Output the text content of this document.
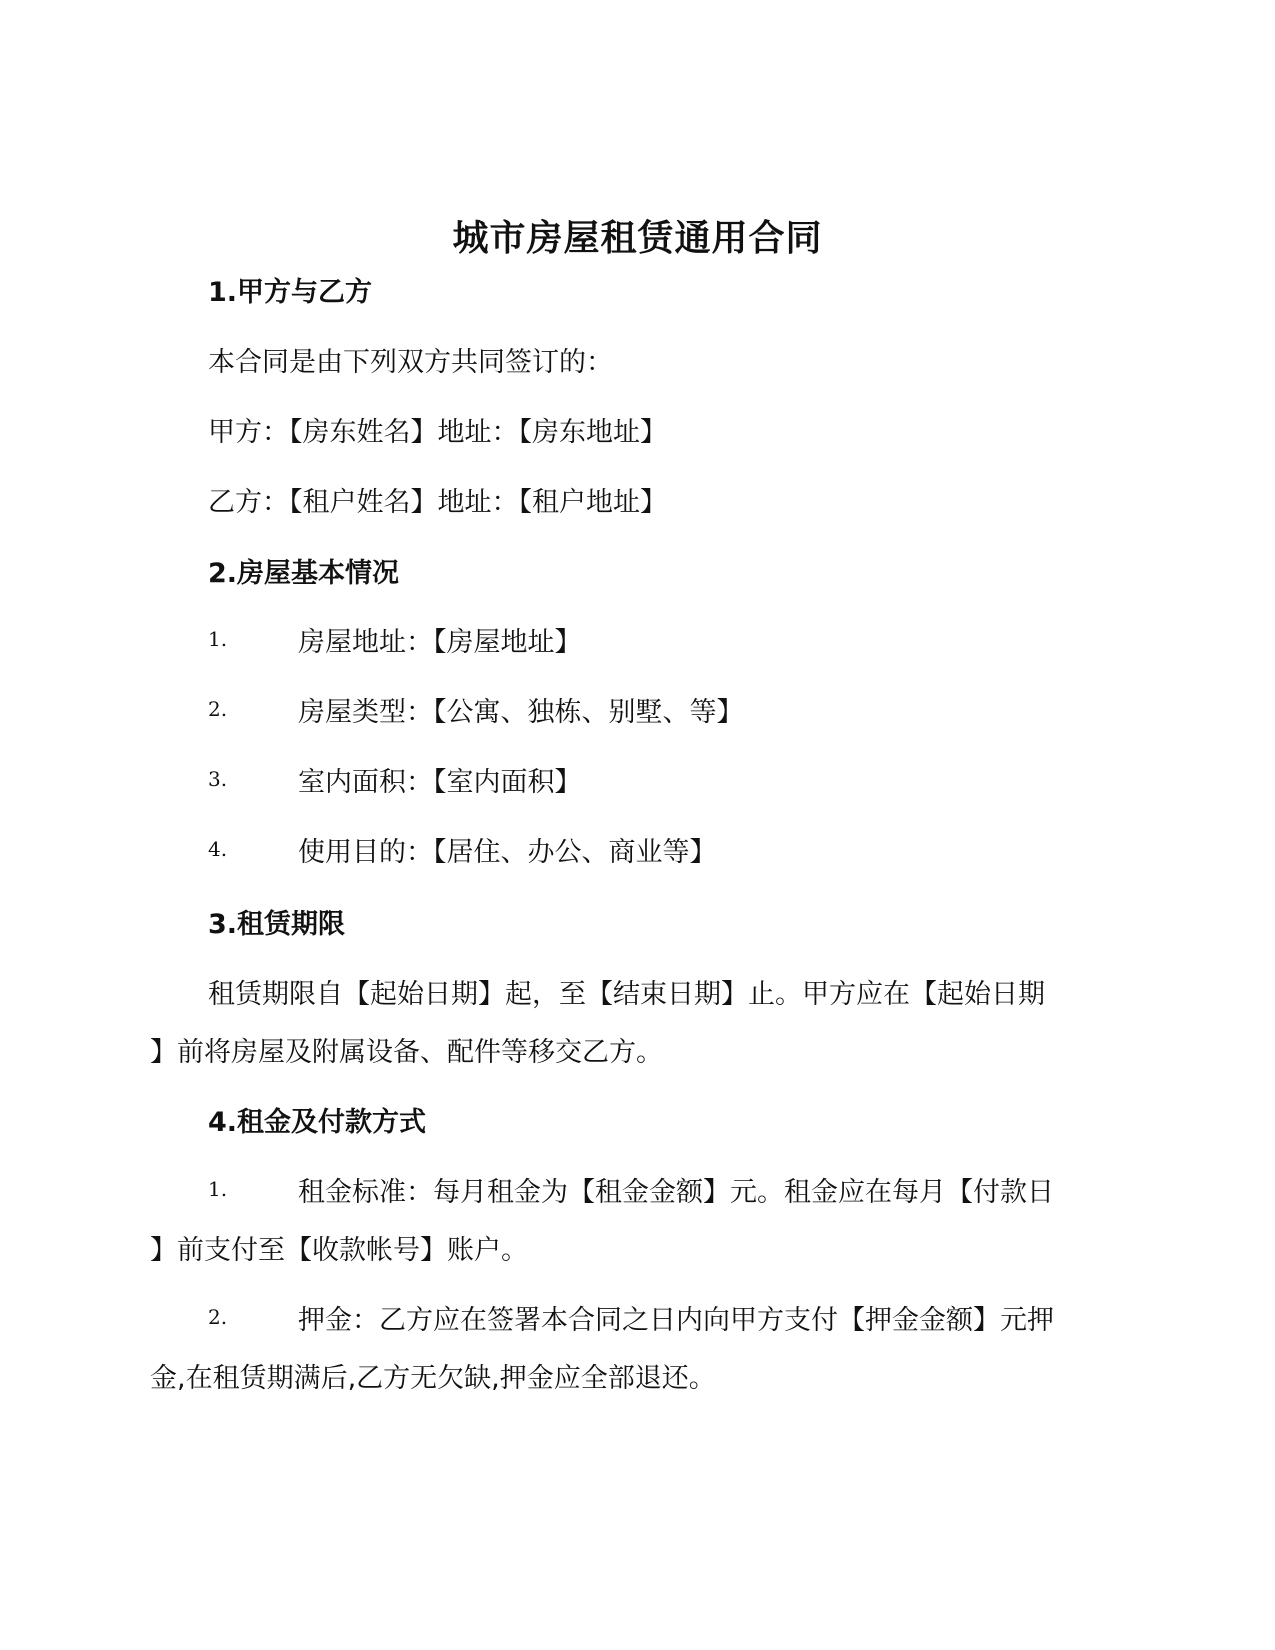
城市房屋租赁通用合同
1.甲方与乙方
本合同是由下列双方共同签订的：
甲方：【房东姓名】地址：【房东地址】
乙方：【租户姓名】地址：【租户地址】
2.房屋基本情况
1.	房屋地址：【房屋地址】
2.	房屋类型：【公寓、独栋、别墅、等】
3.	室内面积：【室内面积】
4.	使用目的：【居住、办公、商业等】
3.租赁期限
租赁期限自【起始日期】起，至【结束日期】止。甲方应在【起始日期
】前将房屋及附属设备、配件等移交乙方。
4.租金及付款方式
1.	租金标准：每月租金为【租金金额】元。租金应在每月【付款日
】前支付至【收款帐号】账户。
2.	押金：乙方应在签署本合同之日内向甲方支付【押金金额】元押
金,在租赁期满后,乙方无欠缺,押金应全部退还。
